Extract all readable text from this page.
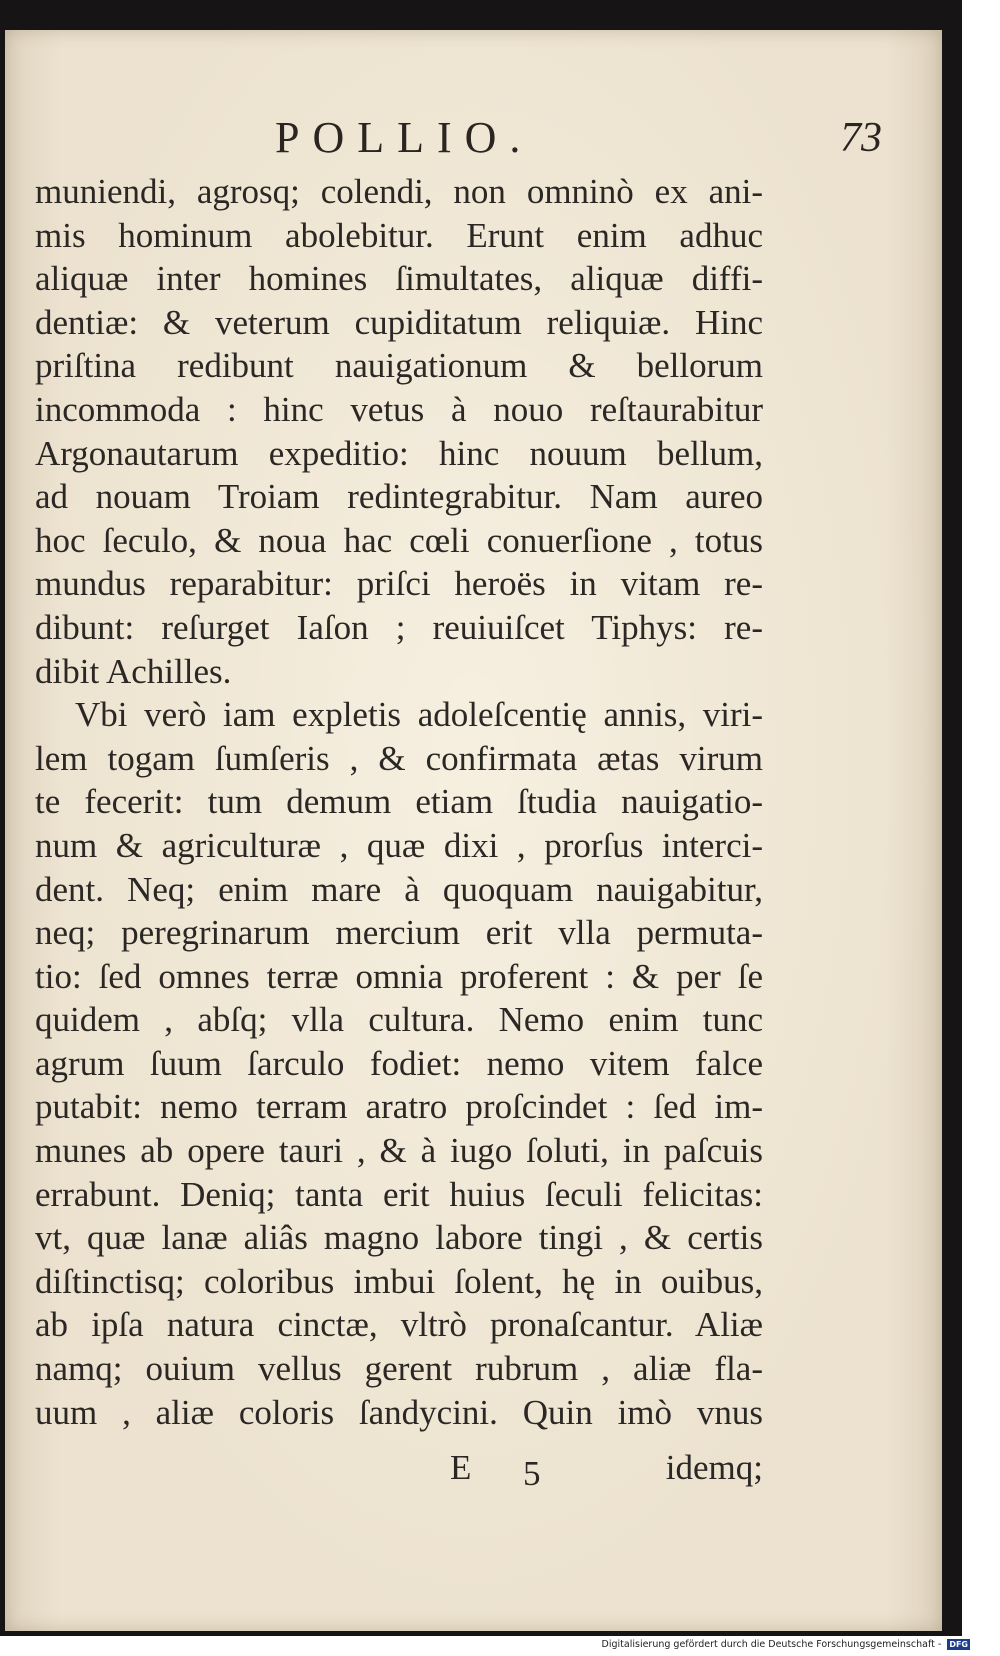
POLLIO.	73
muniendi, agrosq; colendi, non omninò ex ani-
mis hominum abolebitur. Erunt enim adhuc
aliquæ inter homines ſimultates, aliquæ diffi-
dentiæ: & veterum cupiditatum reliquiæ. Hinc
priſtina redibunt nauigationum & bellorum
incommoda : hinc vetus à nouo reſtaurabitur
Argonautarum expeditio: hinc nouum bellum,
ad nouam Troiam redintegrabitur. Nam aureo
hoc ſeculo, & noua hac cœli conuerſione , totus
mundus reparabitur: priſci heroës in vitam re-
dibunt: reſurget Iaſon ; reuiuiſcet Tiphys: re-
dibit Achilles.
Vbi verò iam expletis adoleſcentię annis, viri-
lem togam ſumſeris , & confirmata ætas virum
te fecerit: tum demum etiam ſtudia nauigatio-
num & agriculturæ , quæ dixi , prorſus interci-
dent. Neq; enim mare à quoquam nauigabitur,
neq; peregrinarum mercium erit vlla permuta-
tio: ſed omnes terræ omnia proferent : & per ſe
quidem , abſq; vlla cultura. Nemo enim tunc
agrum ſuum ſarculo fodiet: nemo vitem falce
putabit: nemo terram aratro proſcindet : ſed im-
munes ab opere tauri , & à iugo ſoluti, in paſcuis
errabunt. Deniq; tanta erit huius ſeculi felicitas:
vt, quæ lanæ aliâs magno labore tingi , & certis
diſtinctisq; coloribus imbui ſolent, hę in ouibus,
ab ipſa natura cinctæ, vltrò pronaſcantur. Aliæ
namq; ouium vellus gerent rubrum , aliæ fla-
uum , aliæ coloris ſandycini. Quin imò vnus
E 5	idemq;
Digitalisierung gefördert durch die Deutsche Forschungsgemeinschaft - DFG
